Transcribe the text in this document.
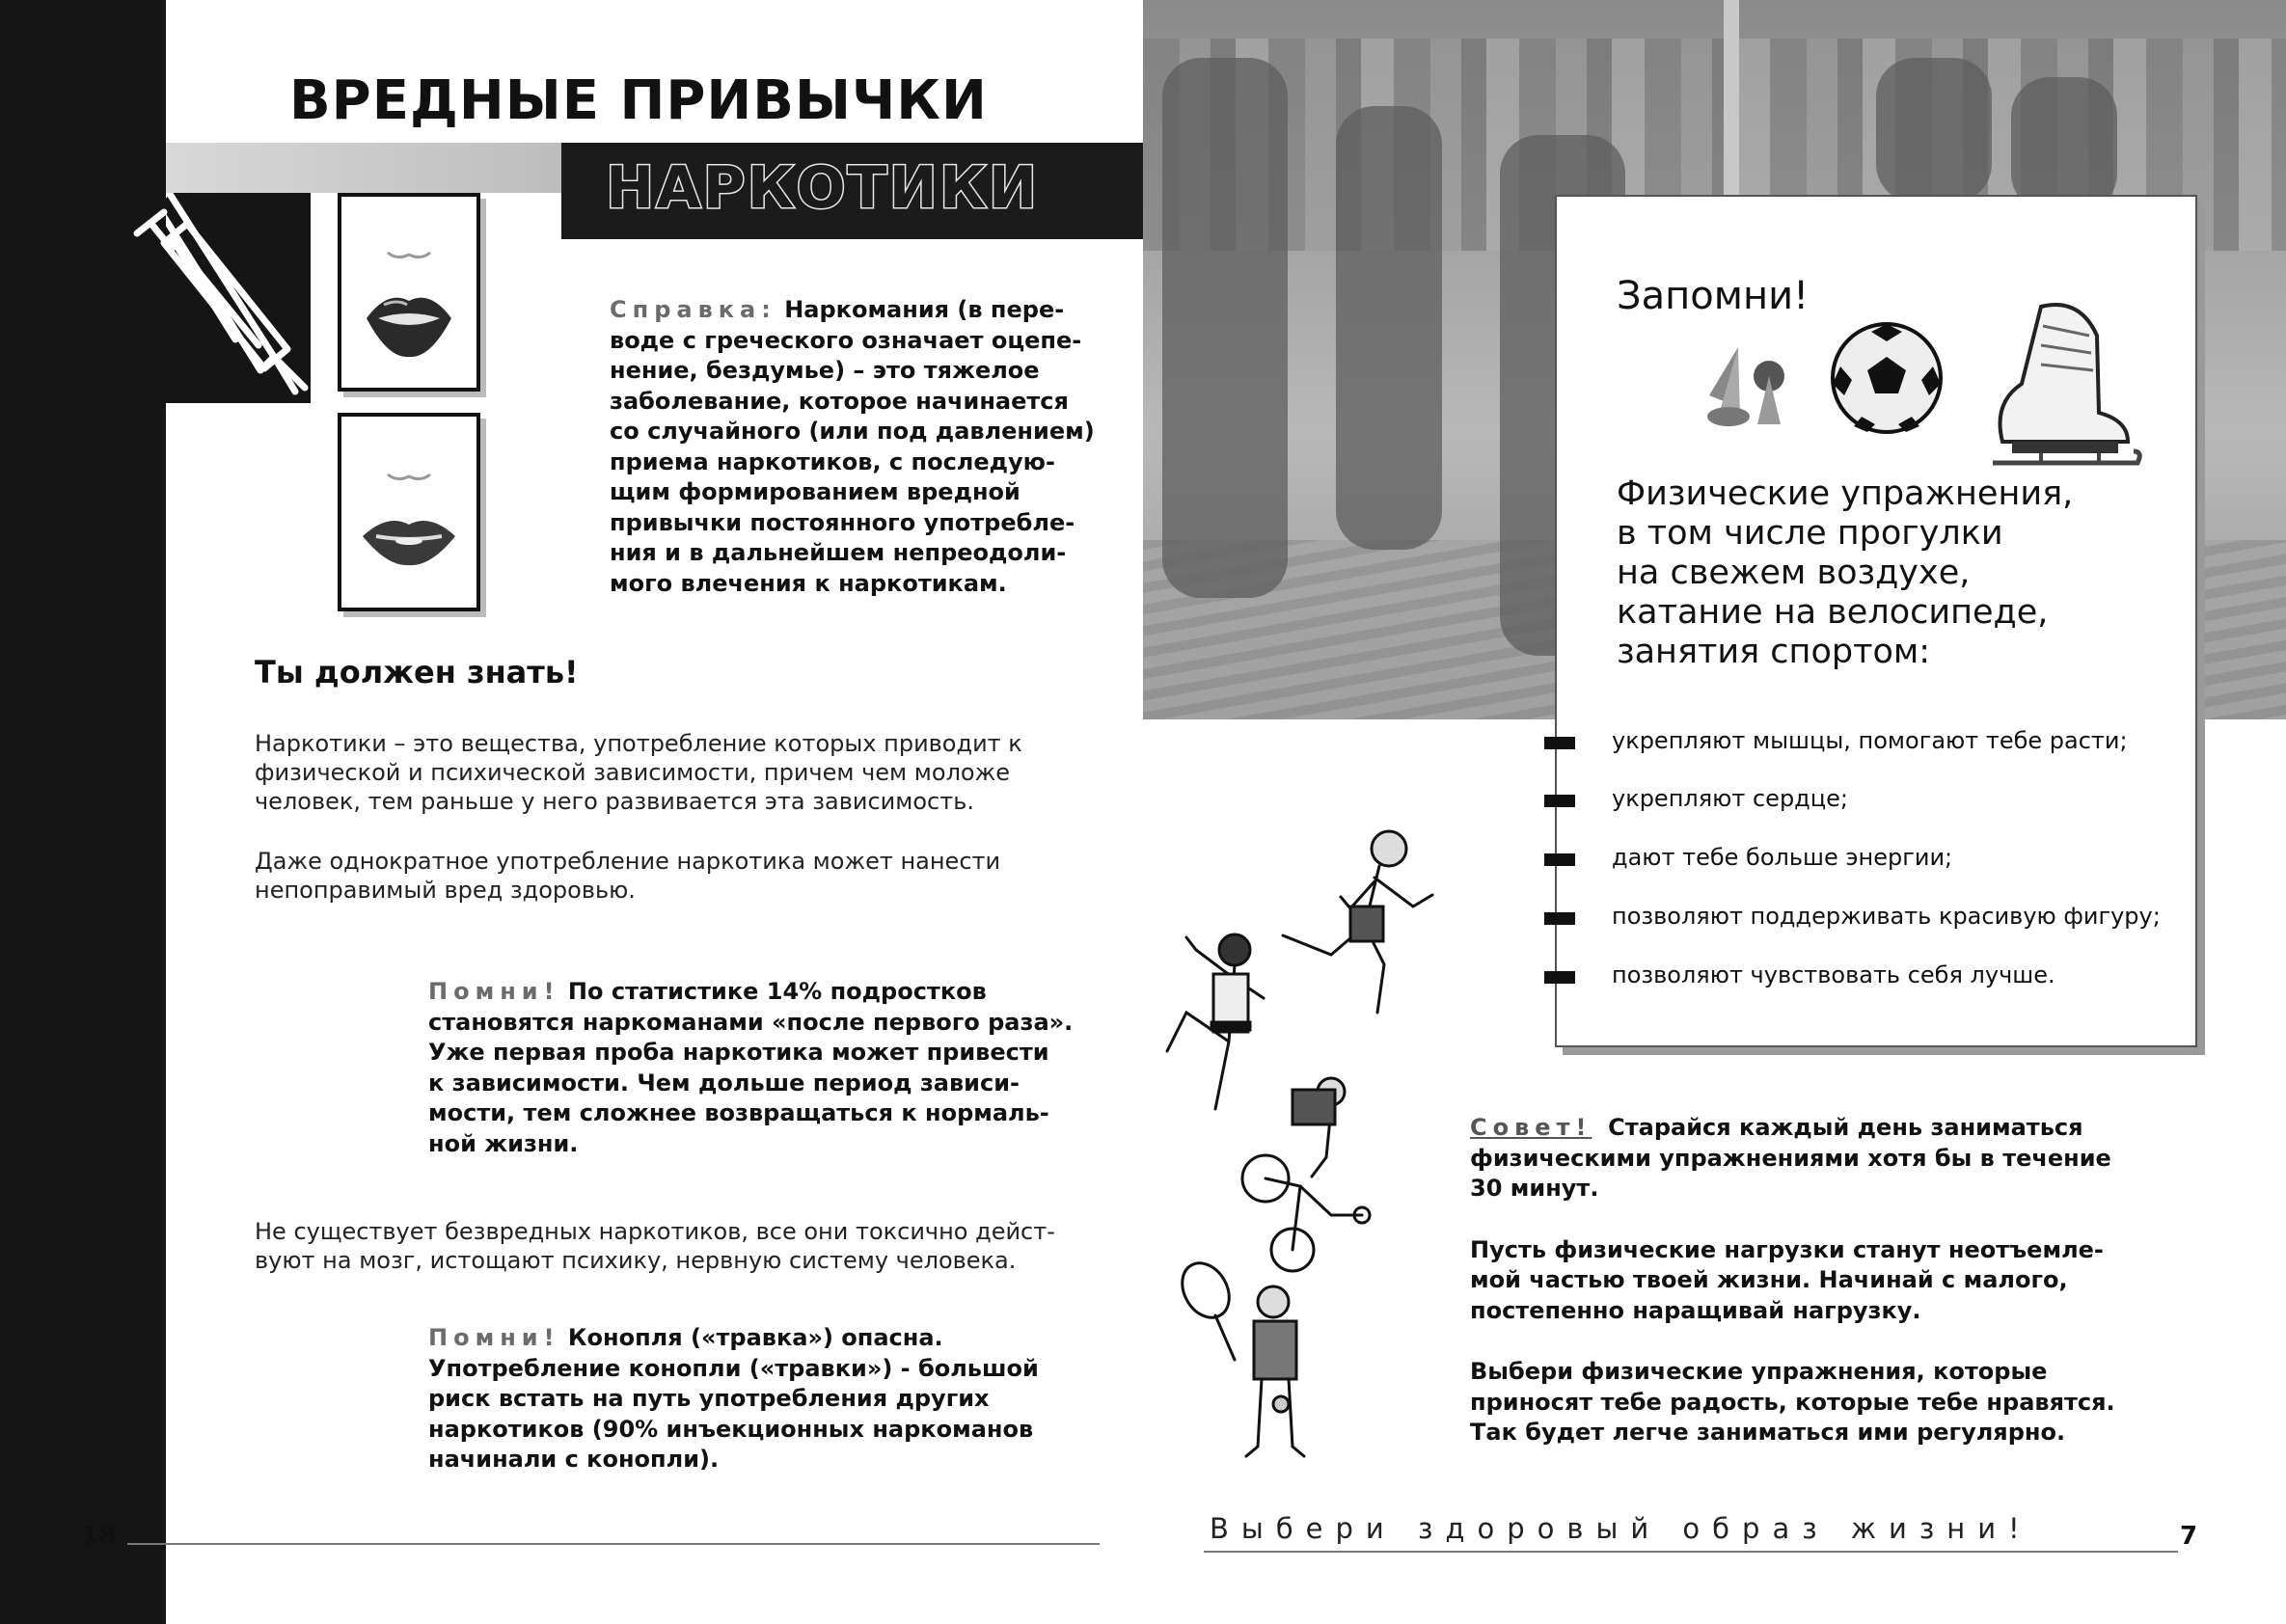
ВРЕДНЫЕ ПРИВЫЧКИ
НАРКОТИКИ
Справка: Наркомания (в пере-
воде с греческого означает оцепе-
нение, бездумье) – это тяжелое
заболевание, которое начинается
со случайного (или под давлением)
приема наркотиков, с последую-
щим формированием вредной
привычки постоянного употребле-
ния и в дальнейшем непреодоли-
мого влечения к наркотикам.
Ты должен знать!
Наркотики – это вещества, употребление которых приводит к
физической и психической зависимости, причем чем моложе
человек, тем раньше у него развивается эта зависимость.
Даже однократное употребление наркотика может нанести
непоправимый вред здоровью.
Помни! По статистике 14% подростков
становятся наркоманами «после первого раза».
Уже первая проба наркотика может привести
к зависимости. Чем дольше период зависи-
мости, тем сложнее возвращаться к нормаль-
ной жизни.
Не существует безвредных наркотиков, все они токсично дейст-
вуют на мозг, истощают психику, нервную систему человека.
Помни! Конопля («травка») опасна.
Употребление конопли («травки») - большой
риск встать на путь употребления других
наркотиков (90% инъекционных наркоманов
начинали с конопли).
18
Запомни!
Физические упражнения,
в том числе прогулки
на свежем воздухе,
катание на велосипеде,
занятия спортом:
укрепляют мышцы, помогают тебе расти;
укрепляют сердце;
дают тебе больше энергии;
позволяют поддерживать красивую фигуру;
позволяют чувствовать себя лучше.
Совет! Старайся каждый день заниматься
физическими упражнениями хотя бы в течение
30 минут.
Пусть физические нагрузки станут неотъемле-
мой частью твоей жизни. Начинай с малого,
постепенно наращивай нагрузку.
Выбери физические упражнения, которые
приносят тебе радость, которые тебе нравятся.
Так будет легче заниматься ими регулярно.
Выбери здоровый образ жизни!	7
